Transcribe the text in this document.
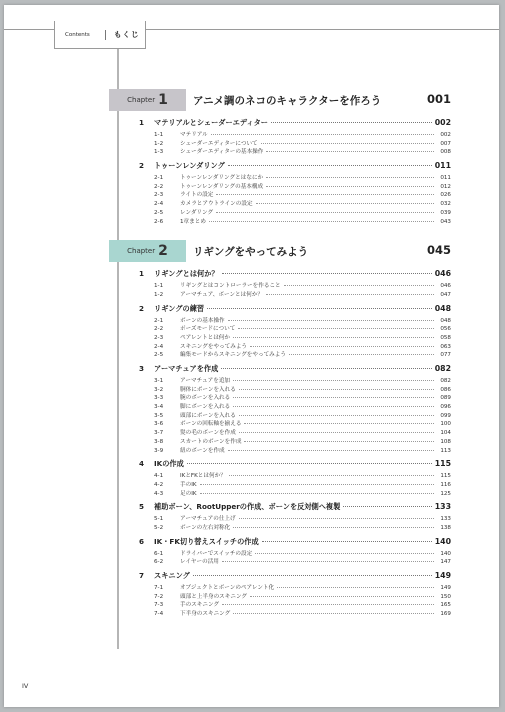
Contents	もくじ
Chapter 1 アニメ調のネコのキャラクターを作ろう	001
1	マテリアルとシェーダーエディター	002
1-1	マテリアル	002
1-2	シェーダーエディターについて	007
1-3	シェーダーエディターの基本操作	008
2	トゥーンレンダリング	011
2-1	トゥーンレンダリングとはなにか	011
2-2	トゥーンレンダリングの基本構成	012
2-3	ライトの設定	026
2-4	カメラとアウトラインの設定	032
2-5	レンダリング	039
2-6	1章まとめ	043
Chapter 2 リギングをやってみよう	045
1	リギングとは何か？	046
1-1	リギングとはコントローラーを作ること	046
1-2	アーマチュア、ボーンとは何か？	047
2	リギングの練習	048
2-1	ボーンの基本操作	048
2-2	ポーズモードについて	056
2-3	ペアレントとは何か	058
2-4	スキニングをやってみよう	063
2-5	編集モードからスキニングをやってみよう	077
3	アーマチュアを作成	082
3-1	アーマチュアを追加	082
3-2	胴体にボーンを入れる	086
3-3	腕のボーンを入れる	089
3-4	脚にボーンを入れる	096
3-5	頭部にボーンを入れる	099
3-6	ボーンの回転軸を揃える	100
3-7	髪の毛のボーンを作成	104
3-8	スカートのボーンを作成	108
3-9	紐のボーンを作成	113
4	IKの作成	115
4-1	IKとFKとは何か？	115
4-2	手のIK	116
4-3	足のIK	125
5	補助ボーン、RootUpperの作成、ボーンを反対側へ複製	133
5-1	アーマチュアの仕上げ	133
5-2	ボーンの左右対称化	138
6	IK・FK切り替えスイッチの作成	140
6-1	ドライバーでスイッチの設定	140
6-2	レイヤーの活用	147
7	スキニング	149
7-1	オブジェクトとボーンのペアレント化	149
7-2	頭部と上半身のスキニング	150
7-3	手のスキニング	165
7-4	下半身のスキニング	169
IV
